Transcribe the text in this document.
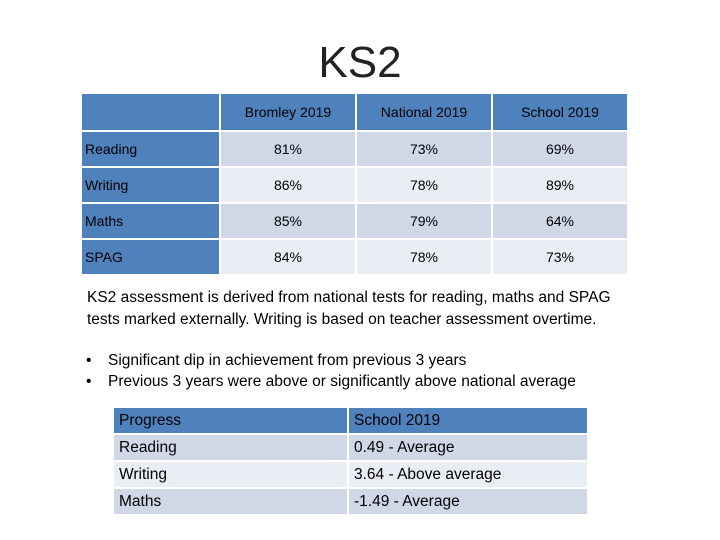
KS2
	Bromley 2019	National 2019	School 2019
Reading	81%	73%	69%
Writing	86%	78%	89%
Maths	85%	79%	64%
SPAG	84%	78%	73%
KS2 assessment is derived from national tests for reading, maths and SPAG tests marked externally. Writing is based on teacher assessment overtime.
• Significant dip in achievement from previous 3 years
• Previous 3 years were above or significantly above national average
Progress	School 2019
Reading	0.49 - Average
Writing	3.64 - Above average
Maths	-1.49 - Average
